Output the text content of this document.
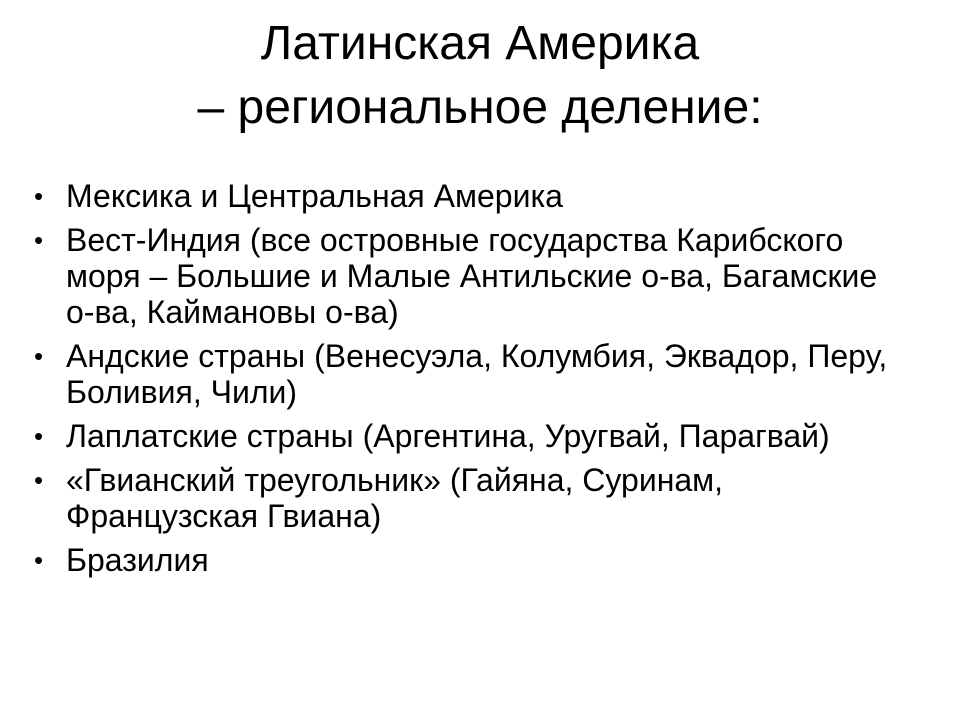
Латинская Америка
– региональное деление:
• Мексика и Центральная Америка
• Вест-Индия (все островные государства Карибского моря – Большие и Малые Антильские о-ва, Багамские о-ва, Каймановы о-ва)
• Андские страны (Венесуэла, Колумбия, Эквадор, Перу, Боливия, Чили)
• Лаплатские страны (Аргентина, Уругвай, Парагвай)
• «Гвианский треугольник» (Гайяна, Суринам, Французская Гвиана)
• Бразилия
